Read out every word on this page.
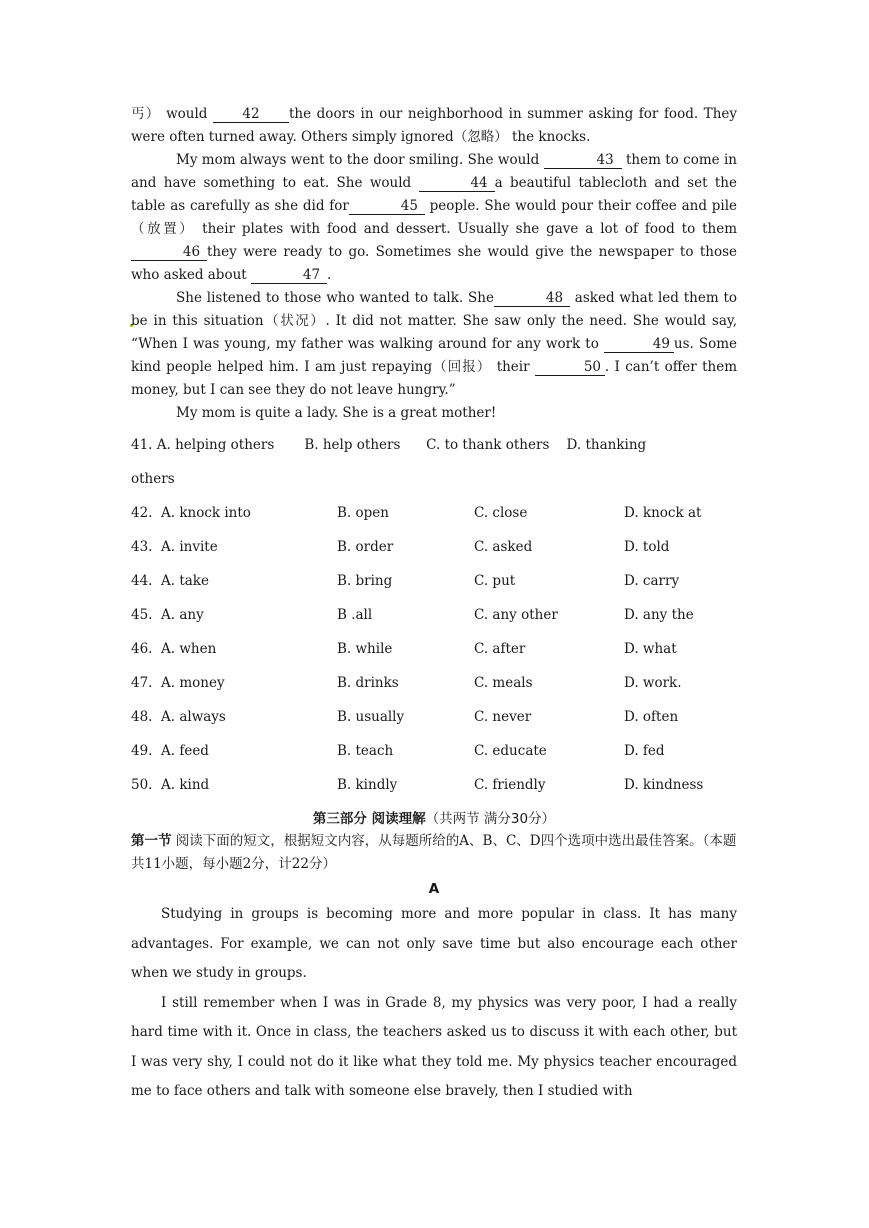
丐） would 42 the doors in our neighborhood in summer asking for food. They were often turned away. Others simply ignored（忽略） the knocks.

My mom always went to the door smiling. She would	43 them to come in and have something to eat. She would	44 a beautiful tablecloth and set the table as carefully as she did for	45 people. She would pour their coffee and pile（放置） their plates with food and dessert. Usually she gave a lot of food to them 46 they were ready to go. Sometimes she would give the newspaper to those who asked about	47 .

She listened to those who wanted to talk. She	48 asked what led them to be in this situation（状况）. It did not matter. She saw only the need. She would say, “When I was young, my father was walking around for any work to	49 us. Some kind people helped him. I am just repaying（回报） their	50 . I can’t offer them money, but I can see they do not leave hungry.”

My mom is quite a lady. She is a great mother!

41. A. helping others       B. help others      C. to thank others    D. thanking
others
42. A. knock into	B. open	C. close	D. knock at
43. A. invite	B. order	C. asked	D. told
44. A. take	B. bring	C. put	D. carry
45. A. any	B .all	C. any other	D. any the
46. A. when	B. while	C. after	D. what
47. A. money	B. drinks	C. meals	D. work.
48. A. always	B. usually	C. never	D. often
49. A. feed	B. teach	C. educate	D. fed
50. A. kind	B. kindly	C. friendly	D. kindness
第三部分 阅读理解（共两节 满分30分）

第一节 阅读下面的短文，根据短文内容，从每题所给的A、B、C、D四个选项中选出最佳答案。（本题共11小题，每小题2分，计22分）

A

Studying in groups is becoming more and more popular in class. It has many advantages. For example, we can not only save time but also encourage each other when we study in groups.

I still remember when I was in Grade 8, my physics was very poor, I had a really hard time with it. Once in class, the teachers asked us to discuss it with each other, but I was very shy, I could not do it like what they told me. My physics teacher encouraged me to face others and talk with someone else bravely, then I studied with
